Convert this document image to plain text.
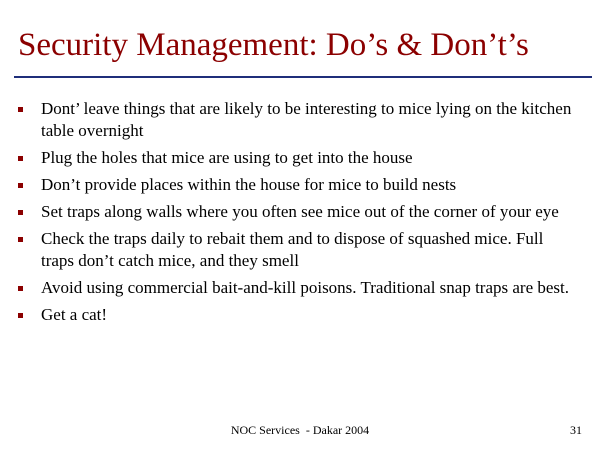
Security Management: Do’s & Don’t’s
Dont’ leave things that are likely to be interesting to mice lying on the kitchen table overnight
Plug the holes that mice are using to get into the house
Don’t provide places within the house for mice to build nests
Set traps along walls where you often see mice out of the corner of your eye
Check the traps daily to rebait them and to dispose of squashed mice. Full traps don’t catch mice, and they smell
Avoid using commercial bait-and-kill poisons. Traditional snap traps are best.
Get a cat!
NOC Services  - Dakar 2004	31
